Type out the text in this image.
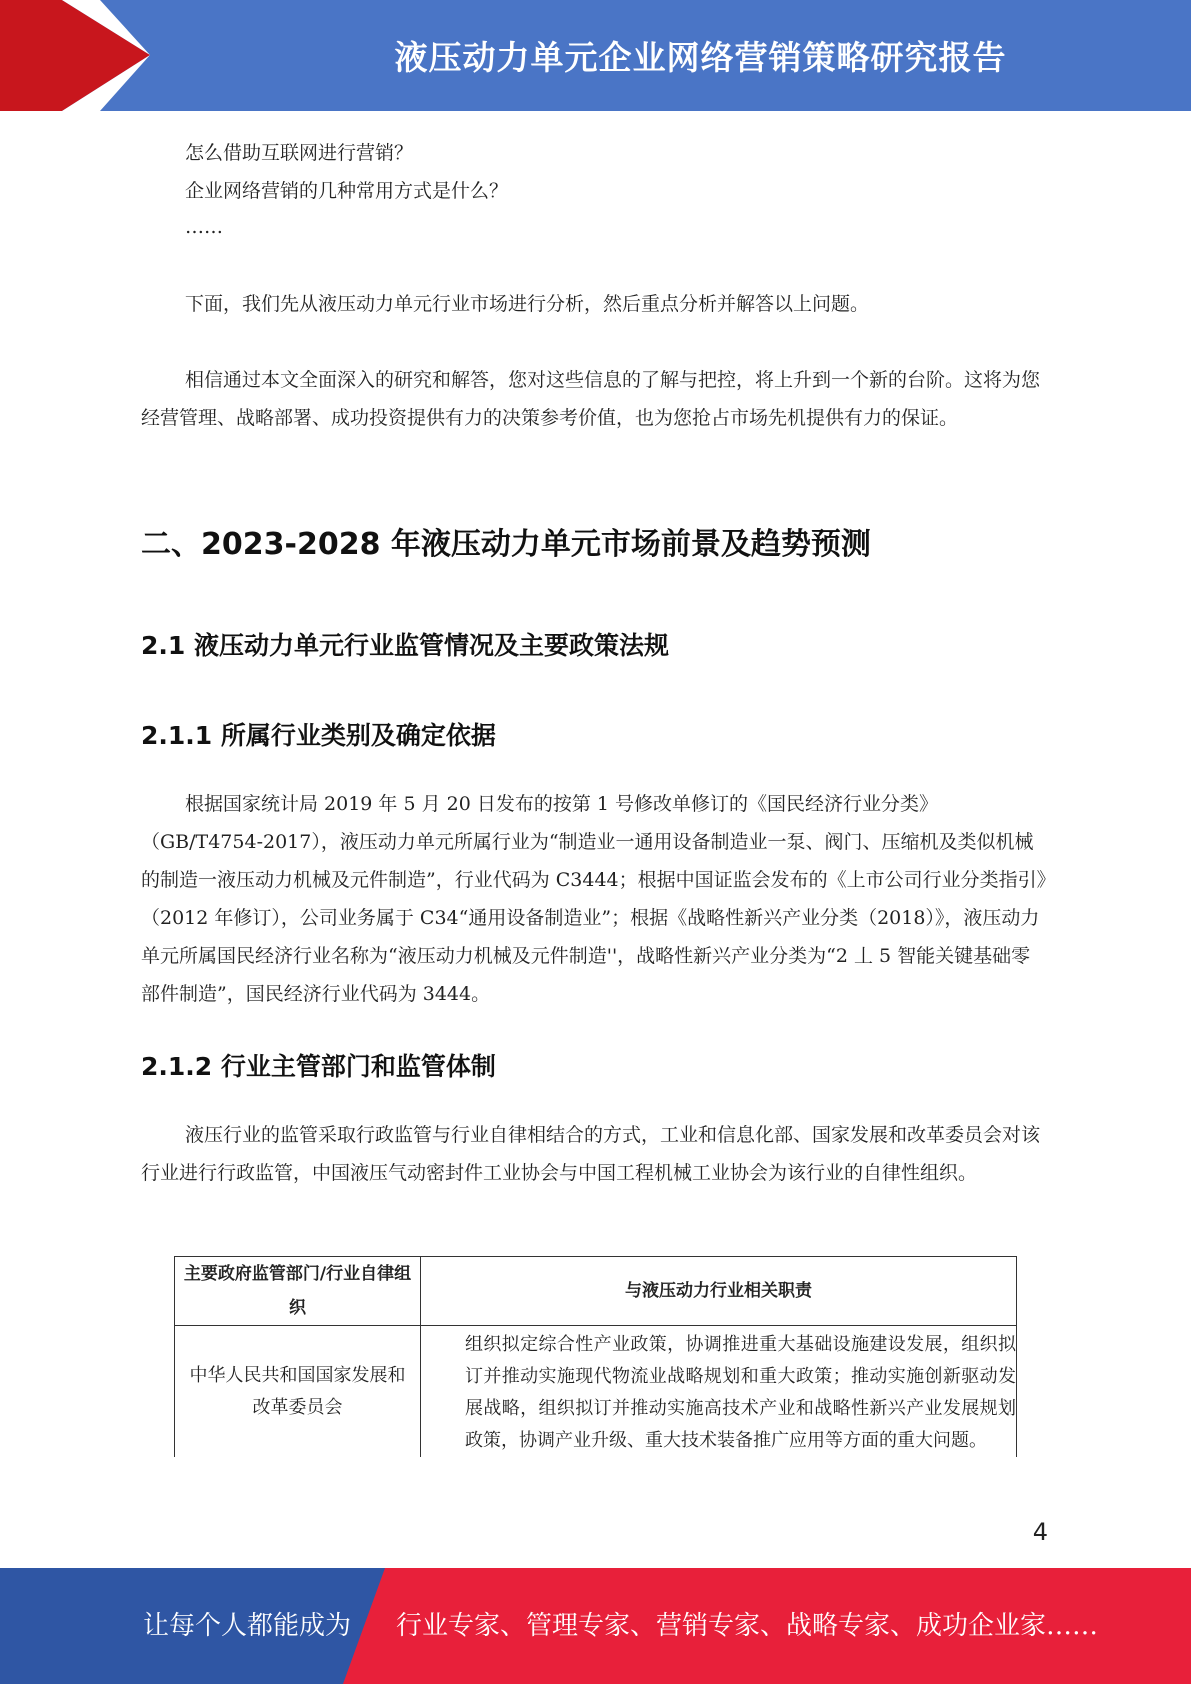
液压动力单元企业网络营销策略研究报告

怎么借助互联网进行营销？

企业网络营销的几种常用方式是什么？

……

下面，我们先从液压动力单元行业市场进行分析，然后重点分析并解答以上问题。

相信通过本文全面深入的研究和解答，您对这些信息的了解与把控，将上升到一个新的台阶。这将为您经营管理、战略部署、成功投资提供有力的决策参考价值，也为您抢占市场先机提供有力的保证。

二、2023-2028 年液压动力单元市场前景及趋势预测
2.1 液压动力单元行业监管情况及主要政策法规
2.1.1 所属行业类别及确定依据

根据国家统计局 2019 年 5 月 20 日发布的按第 1 号修改单修订的《国民经济行业分类》（GB/T4754-2017），液压动力单元所属行业为“制造业一通用设备制造业一泵、阀门、压缩机及类似机械的制造一液压动力机械及元件制造”，行业代码为 C3444；根据中国证监会发布的《上市公司行业分类指引》（2012 年修订），公司业务属于 C34“通用设备制造业”；根据《战略性新兴产业分类（2018）》，液压动力单元所属国民经济行业名称为“液压动力机械及元件制造''，战略性新兴产业分类为“2 丄 5 智能关键基础零部件制造”，国民经济行业代码为 3444。

2.1.2 行业主管部门和监管体制

液压行业的监管采取行政监管与行业自律相结合的方式，工业和信息化部、国家发展和改革委员会对该行业进行行政监管，中国液压气动密封件工业协会与中国工程机械工业协会为该行业的自律性组织。

主要政府监管部门/行业自律组织	与液压动力行业相关职责
中华人民共和国国家发展和改革委员会	组织拟定综合性产业政策，协调推进重大基础设施建设发展，组织拟订并推动实施现代物流业战略规划和重大政策；推动实施创新驱动发展战略，组织拟订并推动实施高技术产业和战略性新兴产业发展规划政策，协调产业升级、重大技术装备推广应用等方面的重大问题。
4
让每个人都能成为 行业专家、管理专家、营销专家、战略专家、成功企业家……
